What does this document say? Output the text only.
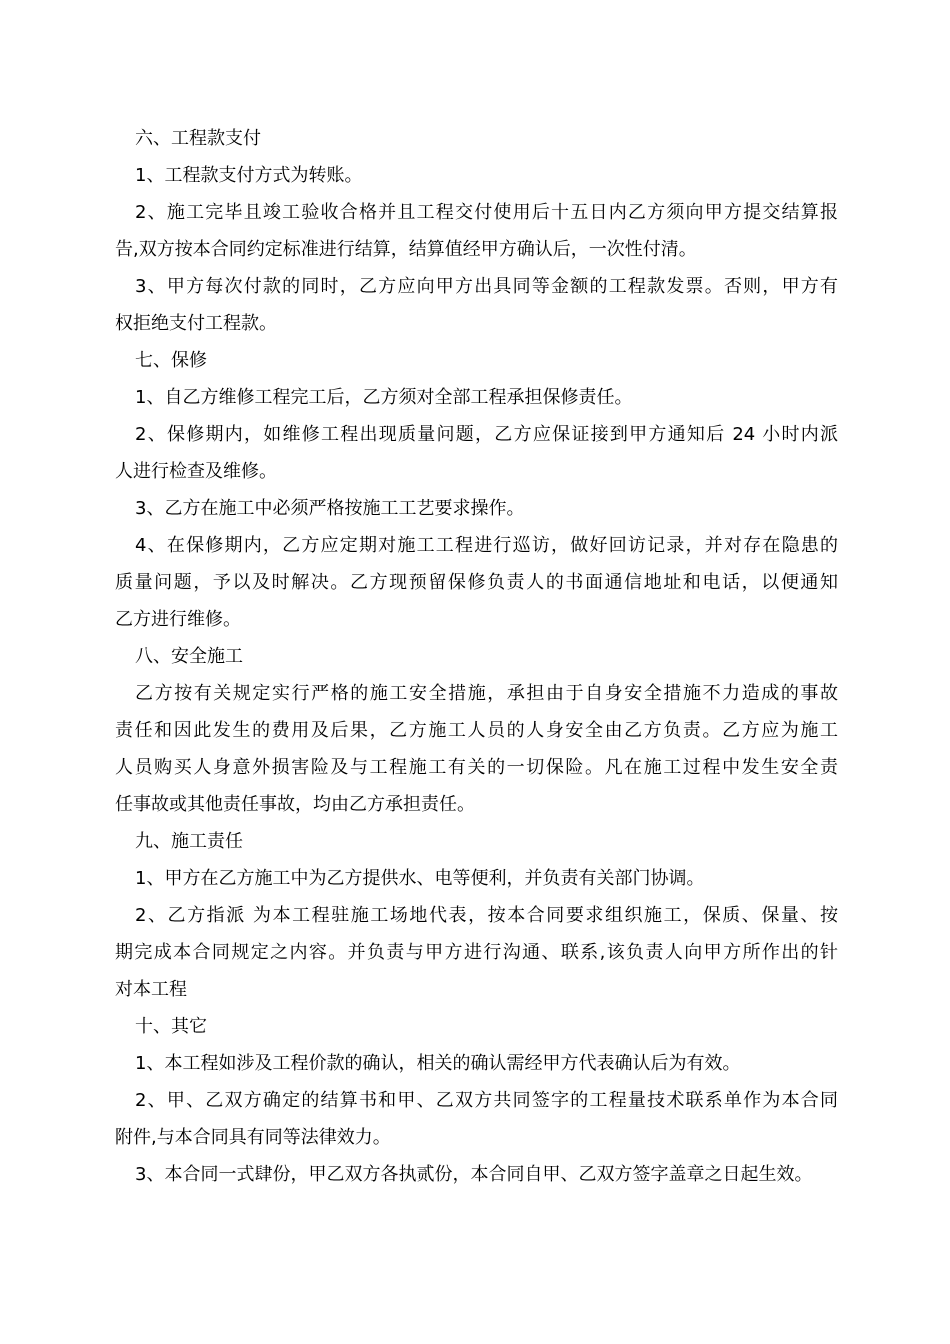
六、工程款支付
1、工程款支付方式为转账。
2、施工完毕且竣工验收合格并且工程交付使用后十五日内乙方须向甲方提交结算报
告,双方按本合同约定标准进行结算，结算值经甲方确认后，一次性付清。
3、甲方每次付款的同时，乙方应向甲方出具同等金额的工程款发票。否则，甲方有
权拒绝支付工程款。
七、保修
1、自乙方维修工程完工后，乙方须对全部工程承担保修责任。
2、保修期内，如维修工程出现质量问题，乙方应保证接到甲方通知后 24 小时内派
人进行检查及维修。
3、乙方在施工中必须严格按施工工艺要求操作。
4、在保修期内，乙方应定期对施工工程进行巡访，做好回访记录，并对存在隐患的
质量问题，予以及时解决。乙方现预留保修负责人的书面通信地址和电话，以便通知
乙方进行维修。
八、安全施工
乙方按有关规定实行严格的施工安全措施，承担由于自身安全措施不力造成的事故
责任和因此发生的费用及后果，乙方施工人员的人身安全由乙方负责。乙方应为施工
人员购买人身意外损害险及与工程施工有关的一切保险。凡在施工过程中发生安全责
任事故或其他责任事故，均由乙方承担责任。
九、施工责任
1、甲方在乙方施工中为乙方提供水、电等便利，并负责有关部门协调。
2、乙方指派 为本工程驻施工场地代表，按本合同要求组织施工，保质、保量、按
期完成本合同规定之内容。并负责与甲方进行沟通、联系,该负责人向甲方所作出的针
对本工程
十、其它
1、本工程如涉及工程价款的确认，相关的确认需经甲方代表确认后为有效。
2、甲、乙双方确定的结算书和甲、乙双方共同签字的工程量技术联系单作为本合同
附件,与本合同具有同等法律效力。
3、本合同一式肆份，甲乙双方各执贰份，本合同自甲、乙双方签字盖章之日起生效。
